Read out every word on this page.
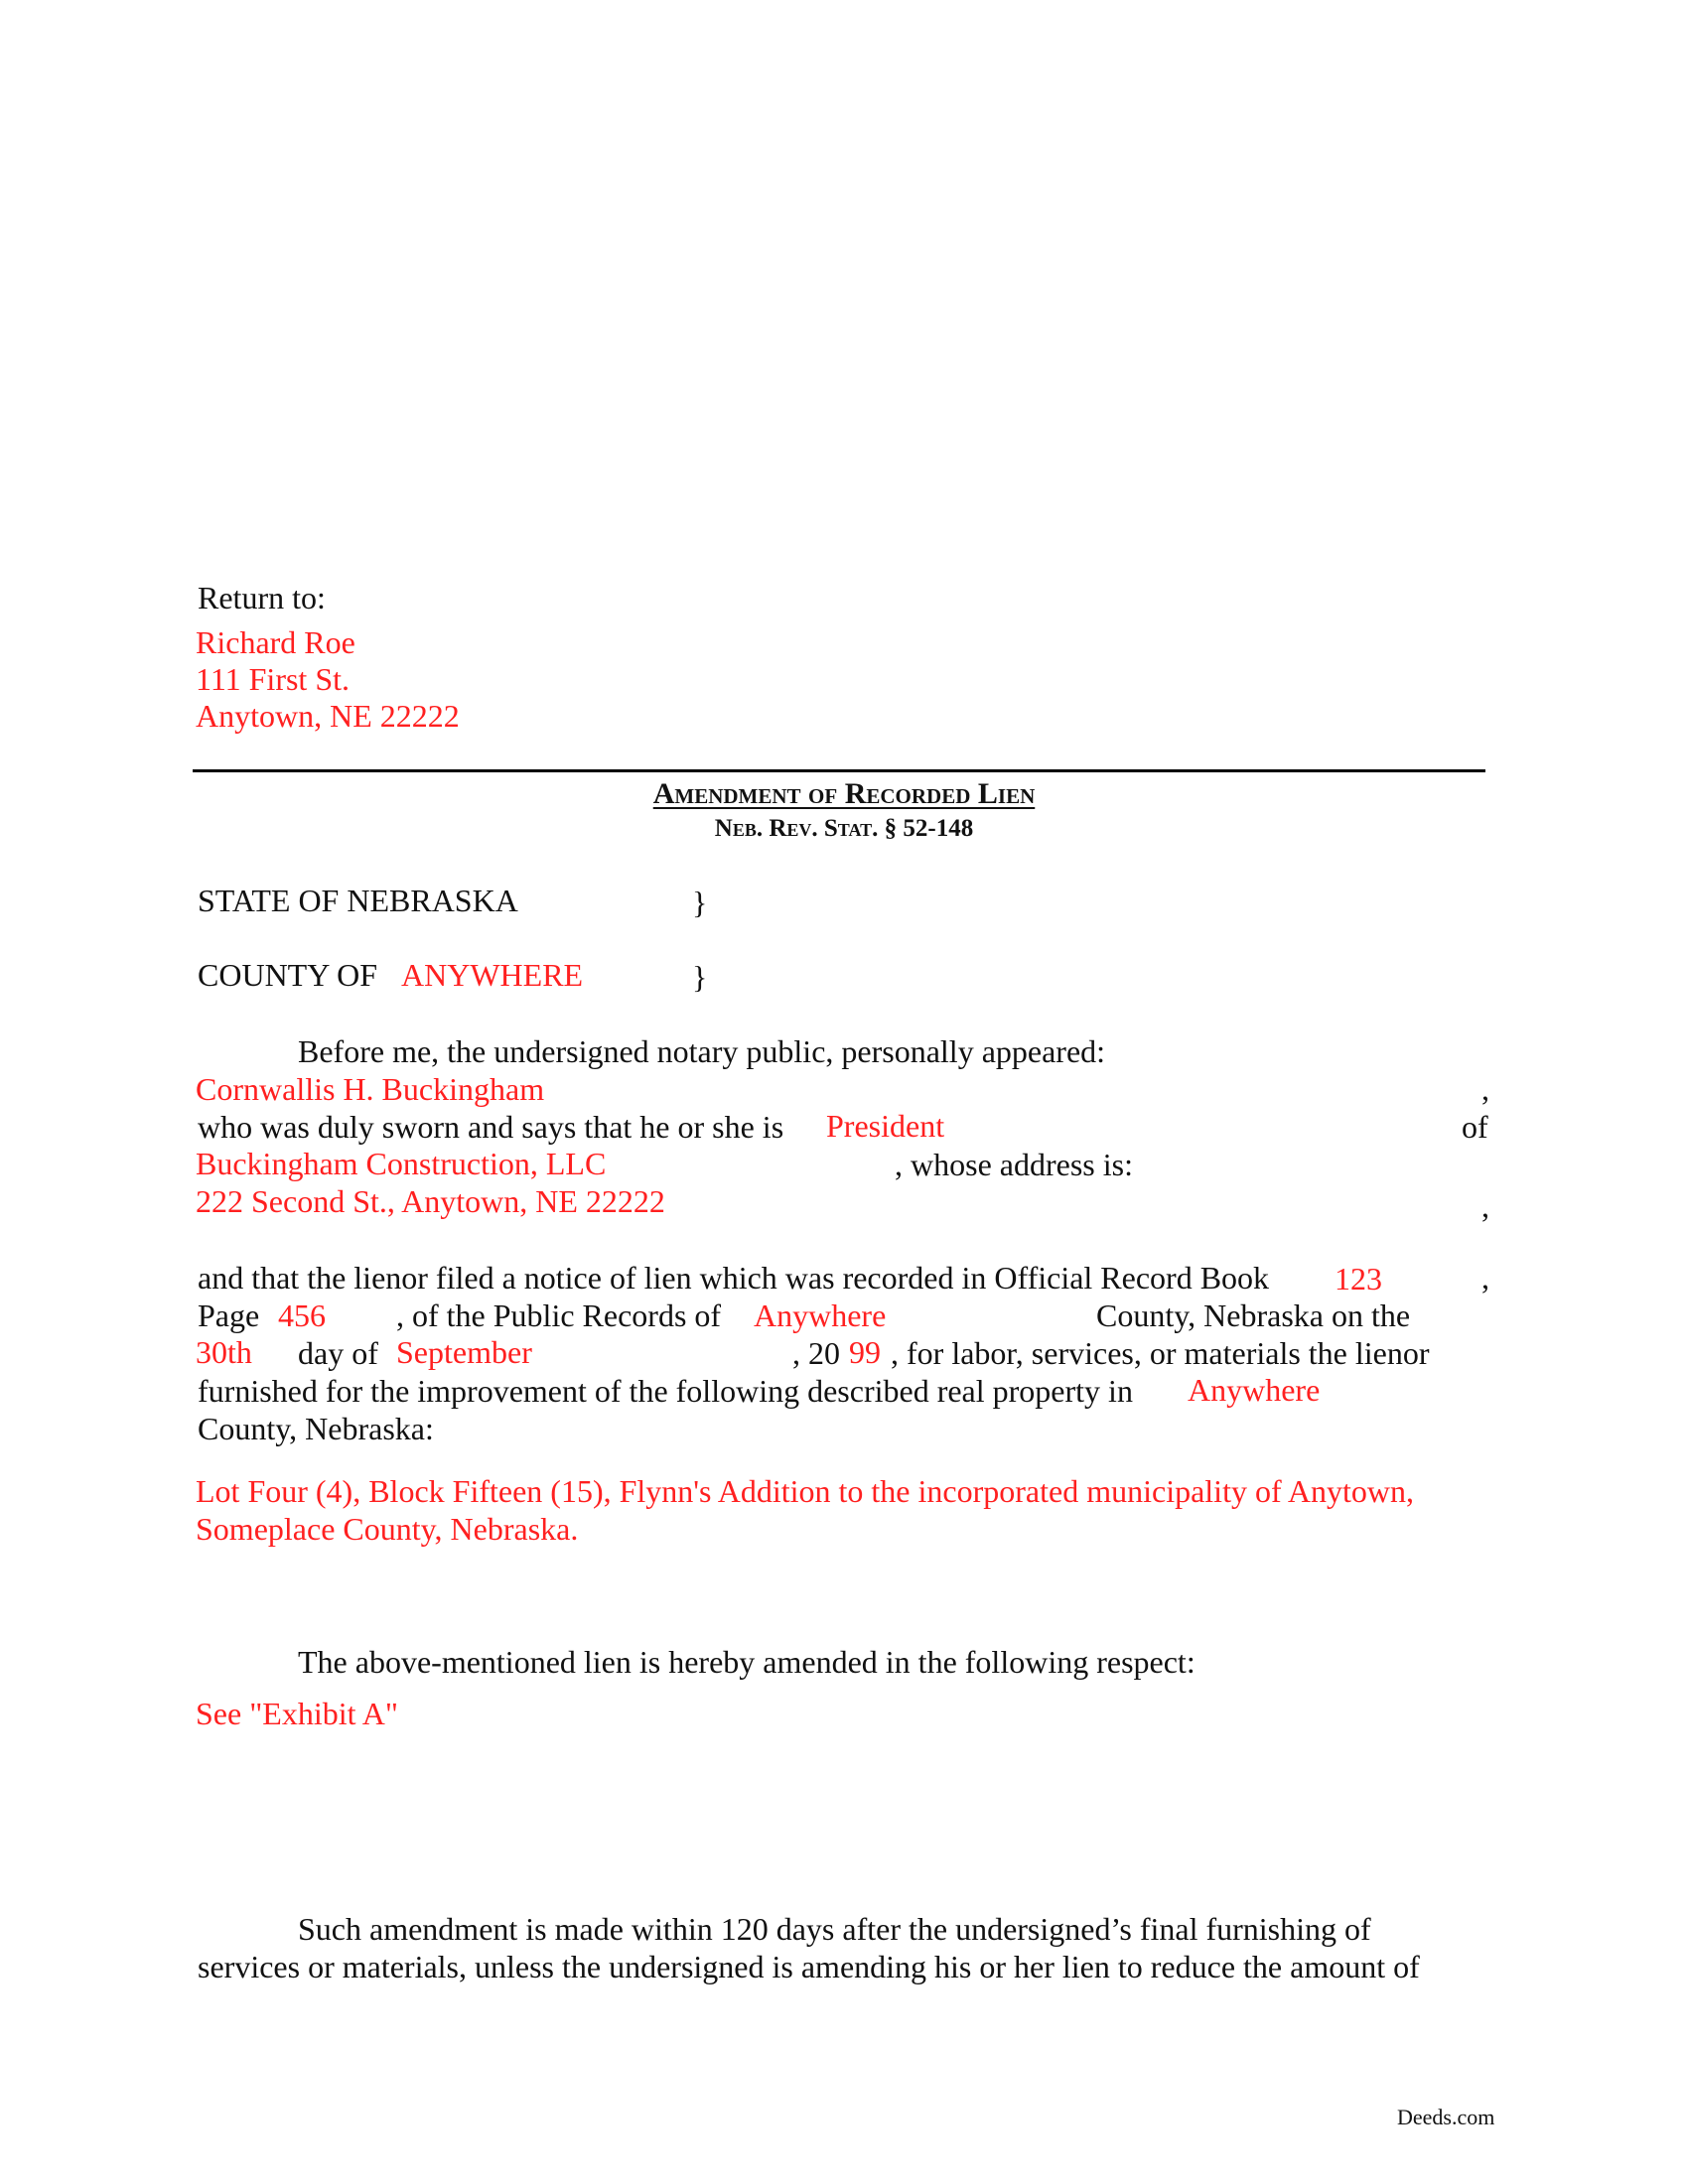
Return to:
Richard Roe
111 First St.
Anytown, NE 22222
Amendment of Recorded Lien
Neb. Rev. Stat. § 52-148
STATE OF NEBRASKA	}
COUNTY OF ANYWHERE	}
Before me, the undersigned notary public, personally appeared:
Cornwallis H. Buckingham	,
who was duly sworn and says that he or she is President	of
Buckingham Construction, LLC	, whose address is:
222 Second St., Anytown, NE 22222	,
and that the lienor filed a notice of lien which was recorded in Official Record Book 123	,
Page 456 , of the Public Records of Anywhere	County, Nebraska on the
30th day of September	, 20 99 , for labor, services, or materials the lienor
furnished for the improvement of the following described real property in Anywhere
County, Nebraska:
Lot Four (4), Block Fifteen (15), Flynn's Addition to the incorporated municipality of Anytown,
Someplace County, Nebraska.
The above-mentioned lien is hereby amended in the following respect:
See "Exhibit A"
Such amendment is made within 120 days after the undersigned’s final furnishing of
services or materials, unless the undersigned is amending his or her lien to reduce the amount of
Deeds.com
